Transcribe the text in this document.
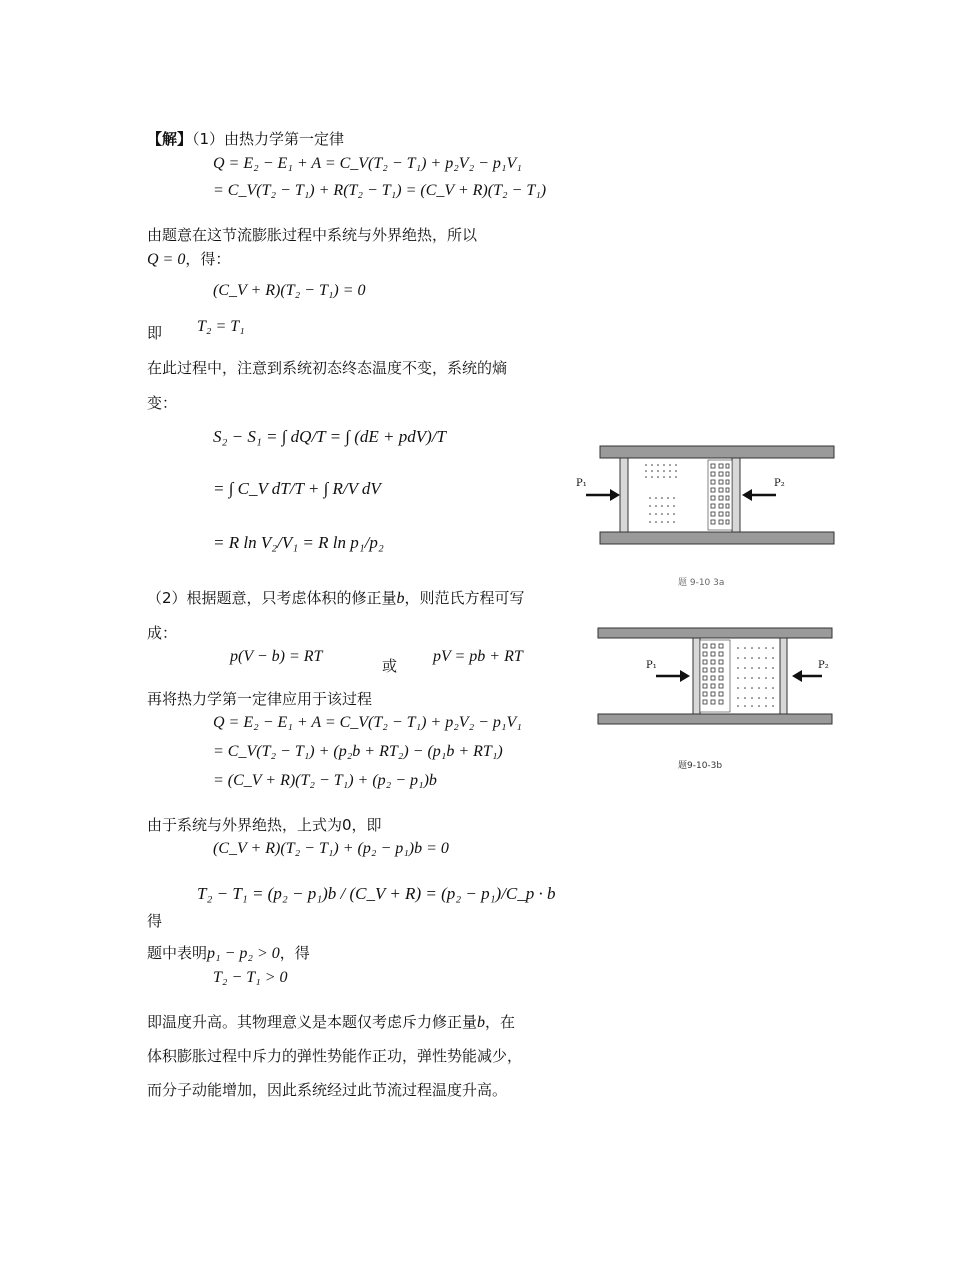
【解】（1）由热力学第一定律
Q = E₂ − E₁ + A = C_V(T₂ − T₁) + p₂V₂ − p₁V₁
= C_V(T₂ − T₁) + R(T₂ − T₁) = (C_V + R)(T₂ − T₁)
由题意在这节流膨胀过程中系统与外界绝热，所以
Q = 0，得：
(C_V + R)(T₂ − T₁) = 0
即 T₂ = T₁
在此过程中，注意到系统初态终态温度不变，系统的熵
变：
S₂ − S₁ = ∫ dQ/T = ∫ (dE + pdV)/T
= ∫ C_V dT/T + ∫ R/V dV
= R ln V₂/V₁ = R ln p₁/p₂
（2）根据题意，只考虑体积的修正量b，则范氏方程可写
成：
p(V − b) = RT
或
pV = pb + RT
再将热力学第一定律应用于该过程
Q = E₂ − E₁ + A = C_V(T₂ − T₁) + p₂V₂ − p₁V₁
= C_V(T₂ − T₁) + (p₂b + RT₂) − (p₁b + RT₁)
= (C_V + R)(T₂ − T₁) + (p₂ − p₁)b
由于系统与外界绝热，上式为0，即
(C_V + R)(T₂ − T₁) + (p₂ − p₁)b = 0
T₂ − T₁ = (p₂ − p₁)b / (C_V + R) = (p₂ − p₁)/C_p · b
得
题中表明p₁ − p₂ > 0，得
T₂ − T₁ > 0
即温度升高。其物理意义是本题仅考虑斥力修正量b，在
体积膨胀过程中斥力的弹性势能作正功，弹性势能减少，
而分子动能增加，因此系统经过此节流过程温度升高。
P₁	P₂
题 9-10 3a
P₁	P₂
题9-10-3b
